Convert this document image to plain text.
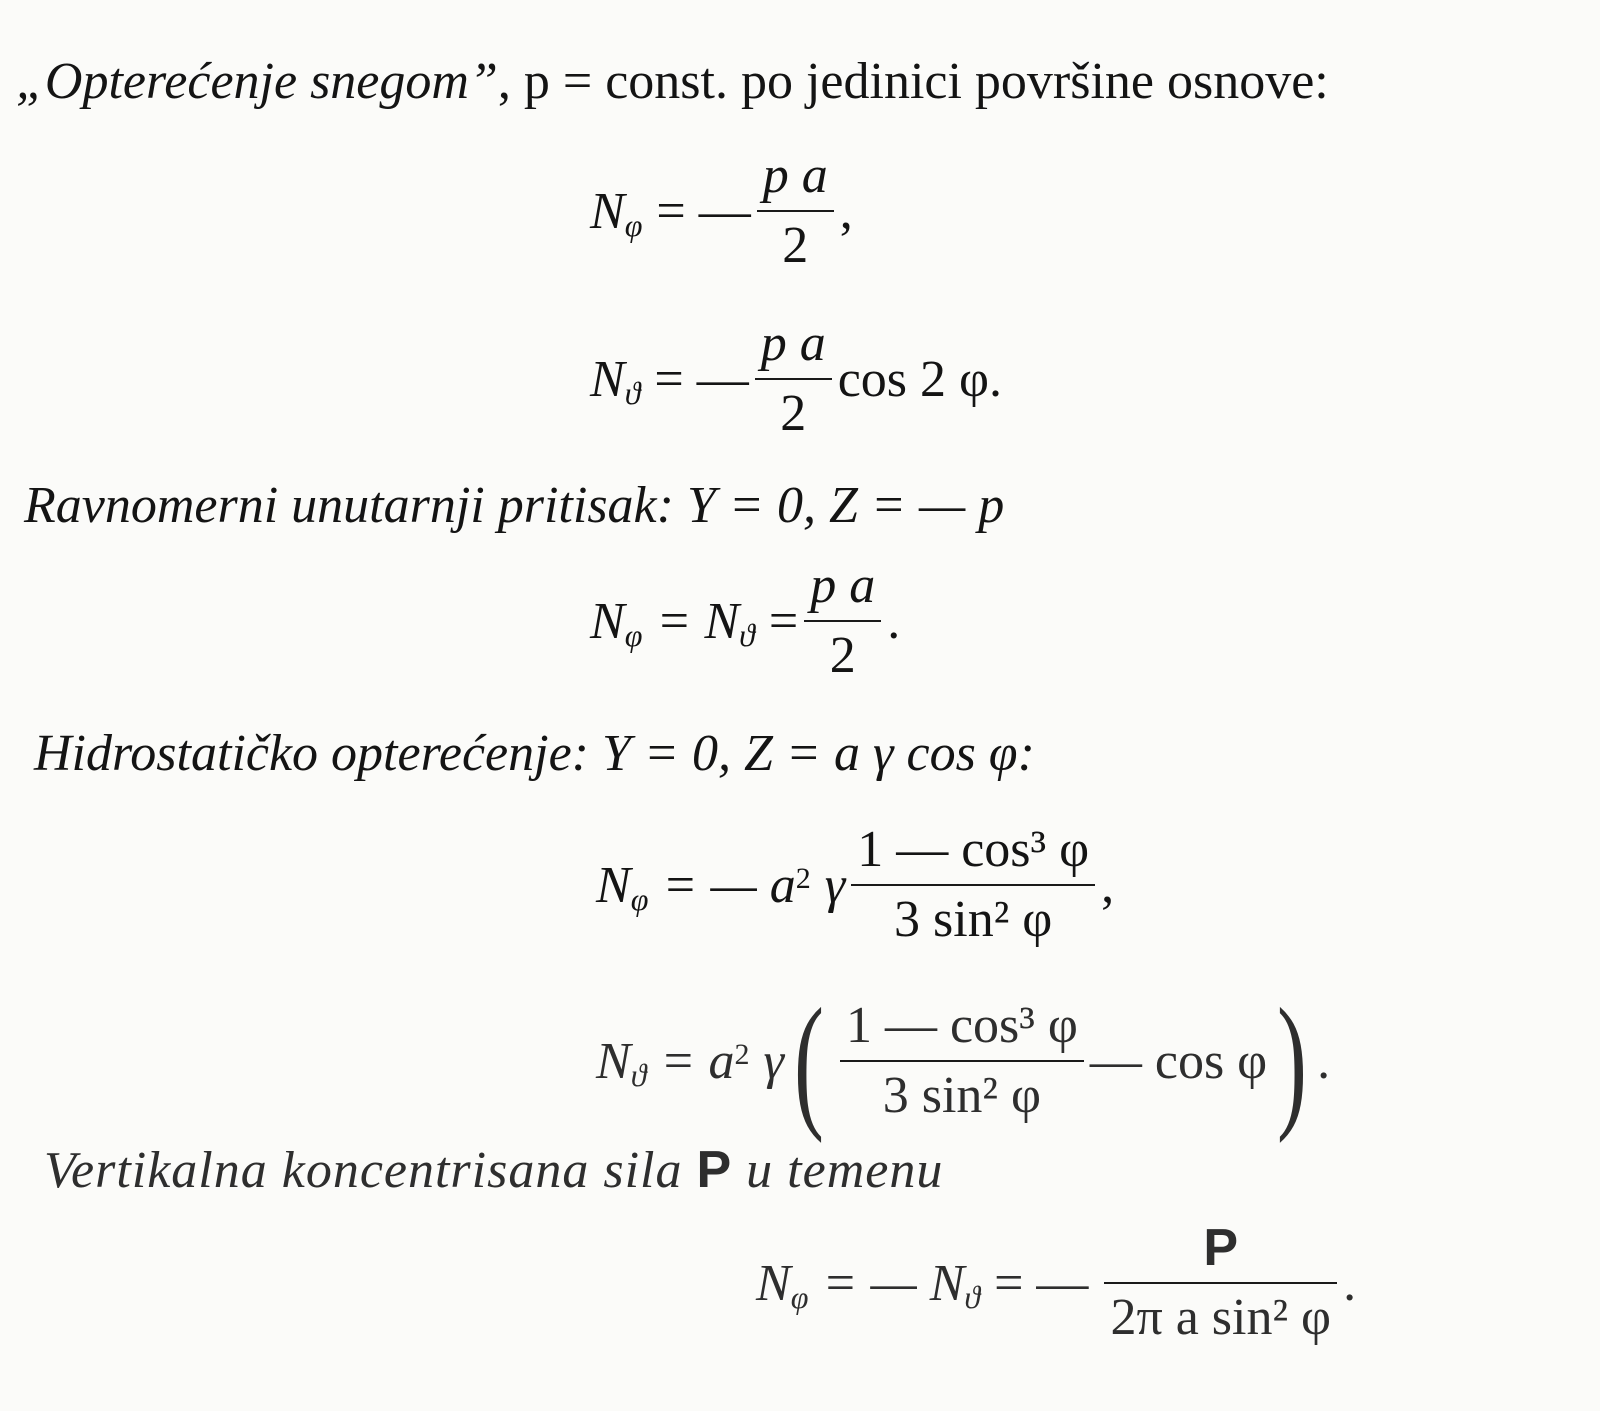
„Opterećenje snegom”, p = const. po jedinici površine osnove:
N φ = — $\frac{\text{p a}}{2}$ ,
N ϑ = — $\frac{\text{p a}}{2}$ cos 2 φ.
Ravnomerni unutarnji pritisak: Y = 0, Z = — p
N φ = N $ϑ = \frac{\text{p a}}{2}$ .
Hidrostatičko opterećenje: Y = 0, Z = a γ cos φ:
N φ = — $a^2$ γ $\frac{\text{1 — cos³ φ}}{\text{3 sin² φ}}$ ,
N $ϑ = a^2$ γ ( $\frac{\text{1 — cos³ φ}}{\text{3 sin² φ}}$ — cos φ ) .
Vertikalna koncentrisana sila P u temenu
N φ = — N ϑ = — $\frac{P}{\text{2π a sin² φ}}$ .
